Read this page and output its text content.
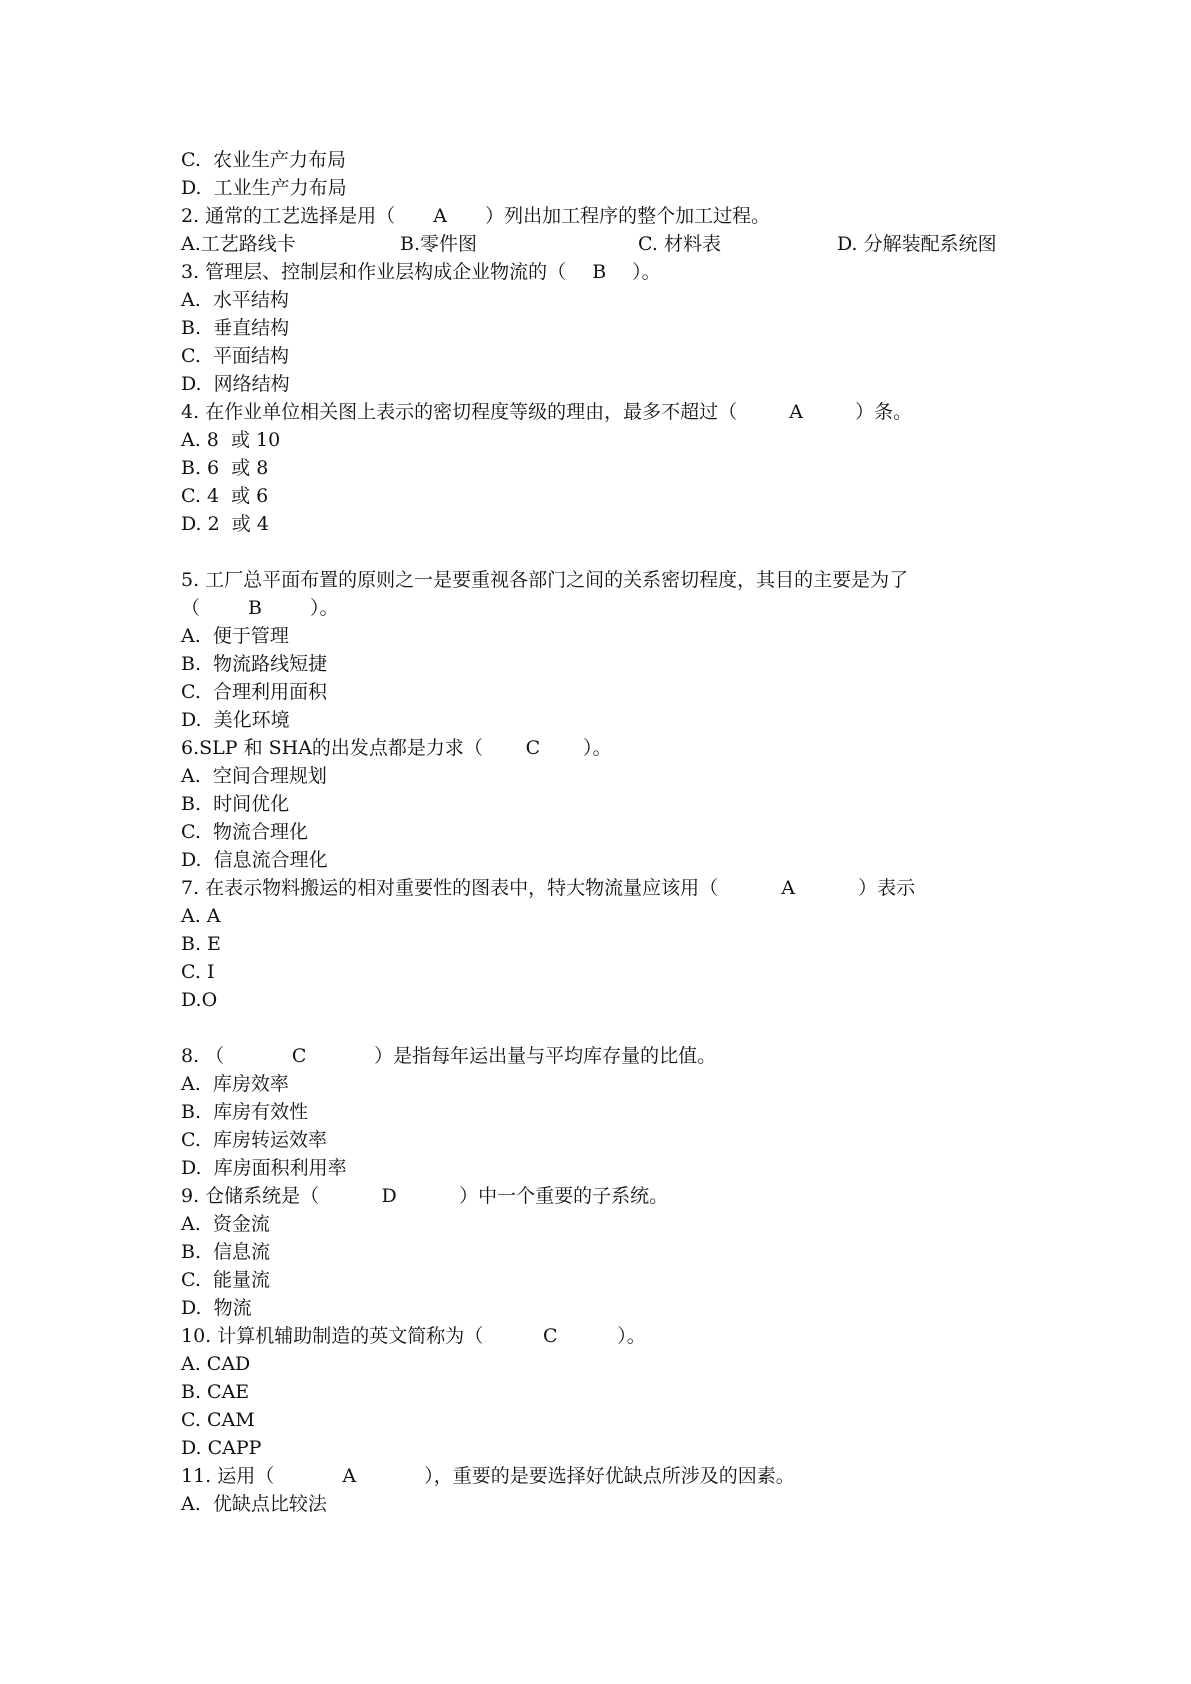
C.  农业生产力布局
D.  工业生产力布局
2. 通常的工艺选择是用（ A ）列出加工程序的整个加工过程。
A.工艺路线卡	B.零件图	C. 材料表	D. 分解装配系统图
3. 管理层、控制层和作业层构成企业物流的（ B ）。
A.  水平结构
B.  垂直结构
C.  平面结构
D.  网络结构
4. 在作业单位相关图上表示的密切程度等级的理由，最多不超过（	A	）条。
A. 8  或 10
B. 6  或 8
C. 4  或 6
D. 2  或 4
5. 工厂总平面布置的原则之一是要重视各部门之间的关系密切程度，其目的主要是为了
（	B	）。
A.  便于管理
B.  物流路线短捷
C.  合理利用面积
D.  美化环境
6.SLP 和 SHA的出发点都是力求（ C ）。
A.  空间合理规划
B.  时间优化
C.  物流合理化
D.  信息流合理化
7. 在表示物料搬运的相对重要性的图表中，特大物流量应该用（	A	）表示
A. A
B. E
C. I
D.O
8. （	C	）是指每年运出量与平均库存量的比值。
A.  库房效率
B.  库房有效性
C.  库房转运效率
D.  库房面积利用率
9. 仓储系统是（	D	）中一个重要的子系统。
A.  资金流
B.  信息流
C.  能量流
D.  物流
10. 计算机辅助制造的英文简称为（	C	）。
A. CAD
B. CAE
C. CAM
D. CAPP
11. 运用（	A	），重要的是要选择好优缺点所涉及的因素。
A.  优缺点比较法
